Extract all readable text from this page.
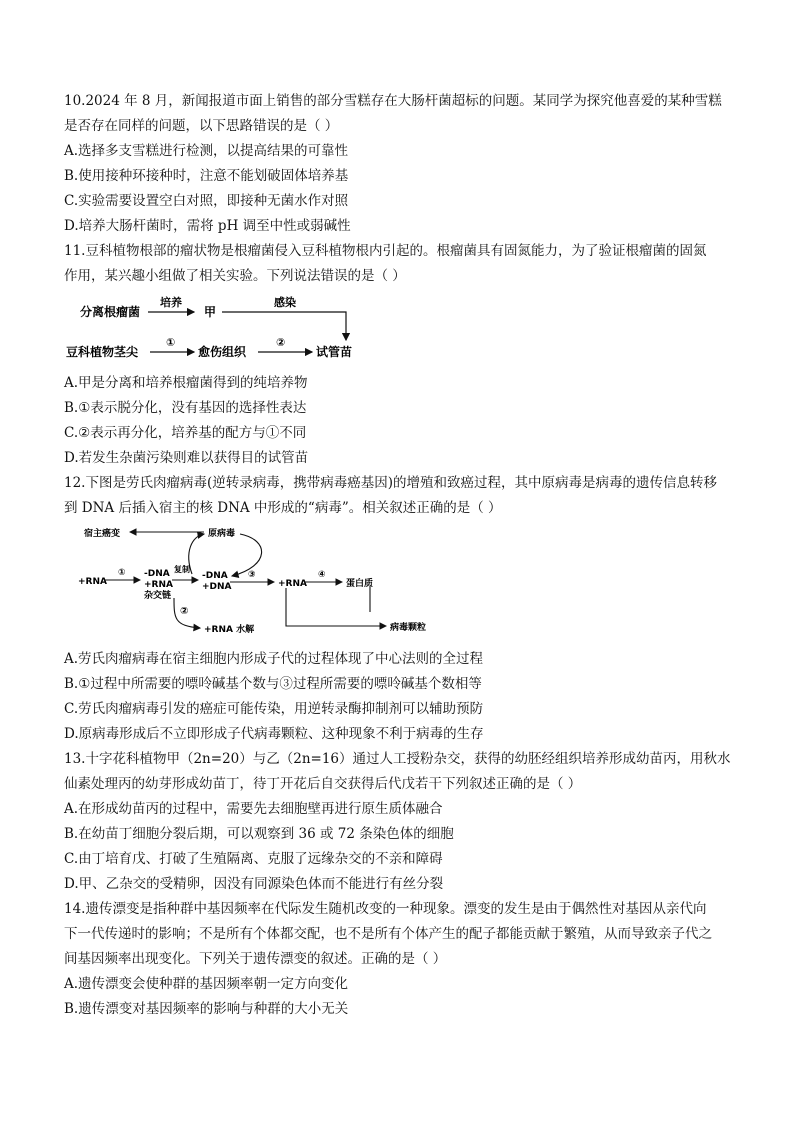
10.2024 年 8 月，新闻报道市面上销售的部分雪糕存在大肠杆菌超标的问题。某同学为探究他喜爱的某种雪糕
是否存在同样的问题，以下思路错误的是（ ）
A.选择多支雪糕进行检测，以提高结果的可靠性
B.使用接种环接种时，注意不能划破固体培养基
C.实验需要设置空白对照，即接种无菌水作对照
D.培养大肠杆菌时，需将 pH 调至中性或弱碱性
11.豆科植物根部的瘤状物是根瘤菌侵入豆科植物根内引起的。根瘤菌具有固氮能力，为了验证根瘤菌的固氮
作用，某兴趣小组做了相关实验。下列说法错误的是（ ）
分离根瘤菌
培养
甲
感染
豆科植物茎尖
①
愈伤组织
②
试管苗
A.甲是分离和培养根瘤菌得到的纯培养物
B.①表示脱分化，没有基因的选择性表达
C.②表示再分化，培养基的配方与①不同
D.若发生杂菌污染则难以获得目的试管苗
12.下图是劳氏肉瘤病毒(逆转录病毒，携带病毒癌基因)的增殖和致癌过程，其中原病毒是病毒的遗传信息转移
到 DNA 后插入宿主的核 DNA 中形成的“病毒”。相关叙述正确的是（ ）
宿主癌变	原病毒
+RNA
① -DNA
+RNA
杂交链
复制
-DNA
+DNA
③
+RNA
④
蛋白质
②
+RNA 水解	病毒颗粒
A.劳氏肉瘤病毒在宿主细胞内形成子代的过程体现了中心法则的全过程
B.①过程中所需要的嘌呤碱基个数与③过程所需要的嘌呤碱基个数相等
C.劳氏肉瘤病毒引发的癌症可能传染，用逆转录酶抑制剂可以辅助预防
D.原病毒形成后不立即形成子代病毒颗粒、这种现象不利于病毒的生存
13.十字花科植物甲（2n=20）与乙（2n=16）通过人工授粉杂交，获得的幼胚经组织培养形成幼苗丙，用秋水
仙素处理丙的幼芽形成幼苗丁，待丁开花后自交获得后代戊若干下列叙述正确的是（ ）
A.在形成幼苗丙的过程中，需要先去细胞壁再进行原生质体融合
B.在幼苗丁细胞分裂后期，可以观察到 36 或 72 条染色体的细胞
C.由丁培育戊、打破了生殖隔离、克服了远缘杂交的不亲和障碍
D.甲、乙杂交的受精卵，因没有同源染色体而不能进行有丝分裂
14.遗传漂变是指种群中基因频率在代际发生随机改变的一种现象。漂变的发生是由于偶然性对基因从亲代向
下一代传递时的影响；不是所有个体都交配，也不是所有个体产生的配子都能贡献于繁殖，从而导致亲子代之
间基因频率出现变化。下列关于遗传漂变的叙述。正确的是（ ）
A.遗传漂变会使种群的基因频率朝一定方向变化
B.遗传漂变对基因频率的影响与种群的大小无关
